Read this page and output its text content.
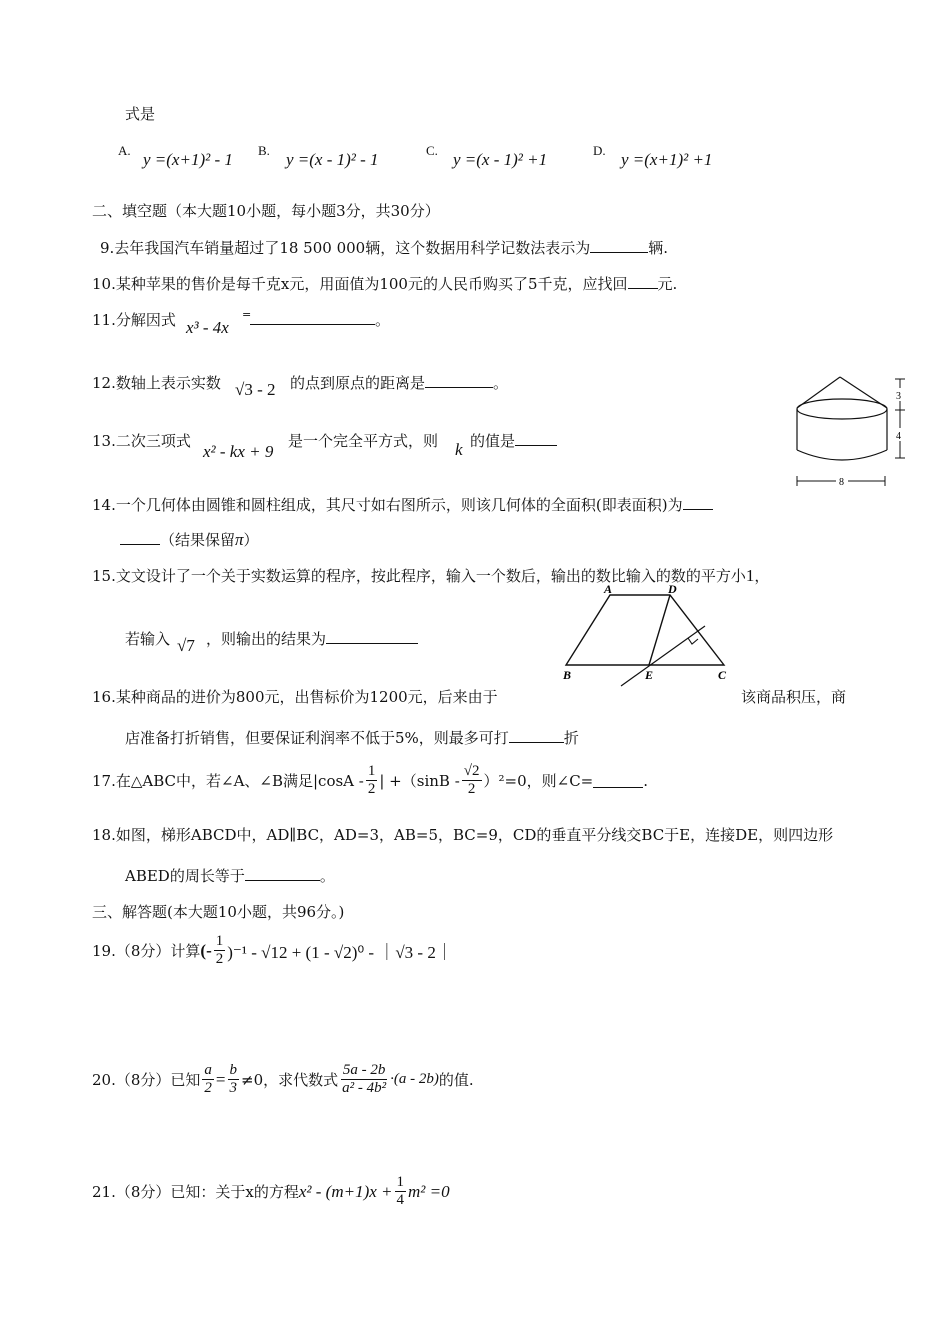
式是
A. y =(x+1)² - 1 B. y =(x - 1)² - 1	C. y =(x - 1)² +1	D. y =(x+1)² +1
二、填空题（本大题10小题，每小题3分，共30分）
9.去年我国汽车销量超过了18 500 000辆，这个数据用科学记数法表示为	辆.
10.某种苹果的售价是每千克x元，用面值为100元的人民币购买了5千克，应找回 元.
11.分解因式 x³ - 4x
=	。
12.数轴上表示实数 √3 - 2 的点到原点的距离是	。
13.二次三项式
x² - kx + 9
是一个完全平方式，则 k 的值是
3
4
8
14.一个几何体由圆锥和圆柱组成，其尺寸如右图所示，则该几何体的全面积(即表面积)为
（结果保留π）
15.文文设计了一个关于实数运算的程序，按此程序，输入一个数后，输出的数比输入的数的平方小1，
若输入 √7 ，则输出的结果为
A	D
B	E	C
16.某种商品的进价为800元，出售标价为1200元，后来由于	该商品积压，商
店准备打折销售，但要保证利润率不低于5%，则最多可打	折
17.在△ABC中，若∠A、∠B满足$|\cos A - \frac{1}{2}$ | $+(\sin B - \frac{√2}{2} )^2=0$，则∠C=	.
18.如图，梯形ABCD中，AD∥BC，AD=3，AB=5，BC=9，CD的垂直平分线交BC于E，连接DE，则四边形
ABED的周长等于	。
三、解答题(本大题10小题，共96分。)
19.（8分）计算 (- $\frac{1}{2} )^{-1} - √12 + (1 - √2)^0$ - ｜√3 - 2｜
20.（8分）已知 $\frac{a}{2} = \frac{b}{3} \ne 0$，求代数式 $\frac{5a - 2b}{\text{a² - 4b²}} \cdot(a - 2b)$ 的值.
21.（8分）已知：关于x的方程 $x^2 - (m+1)x + \frac{1}{4} m^2 =0$
